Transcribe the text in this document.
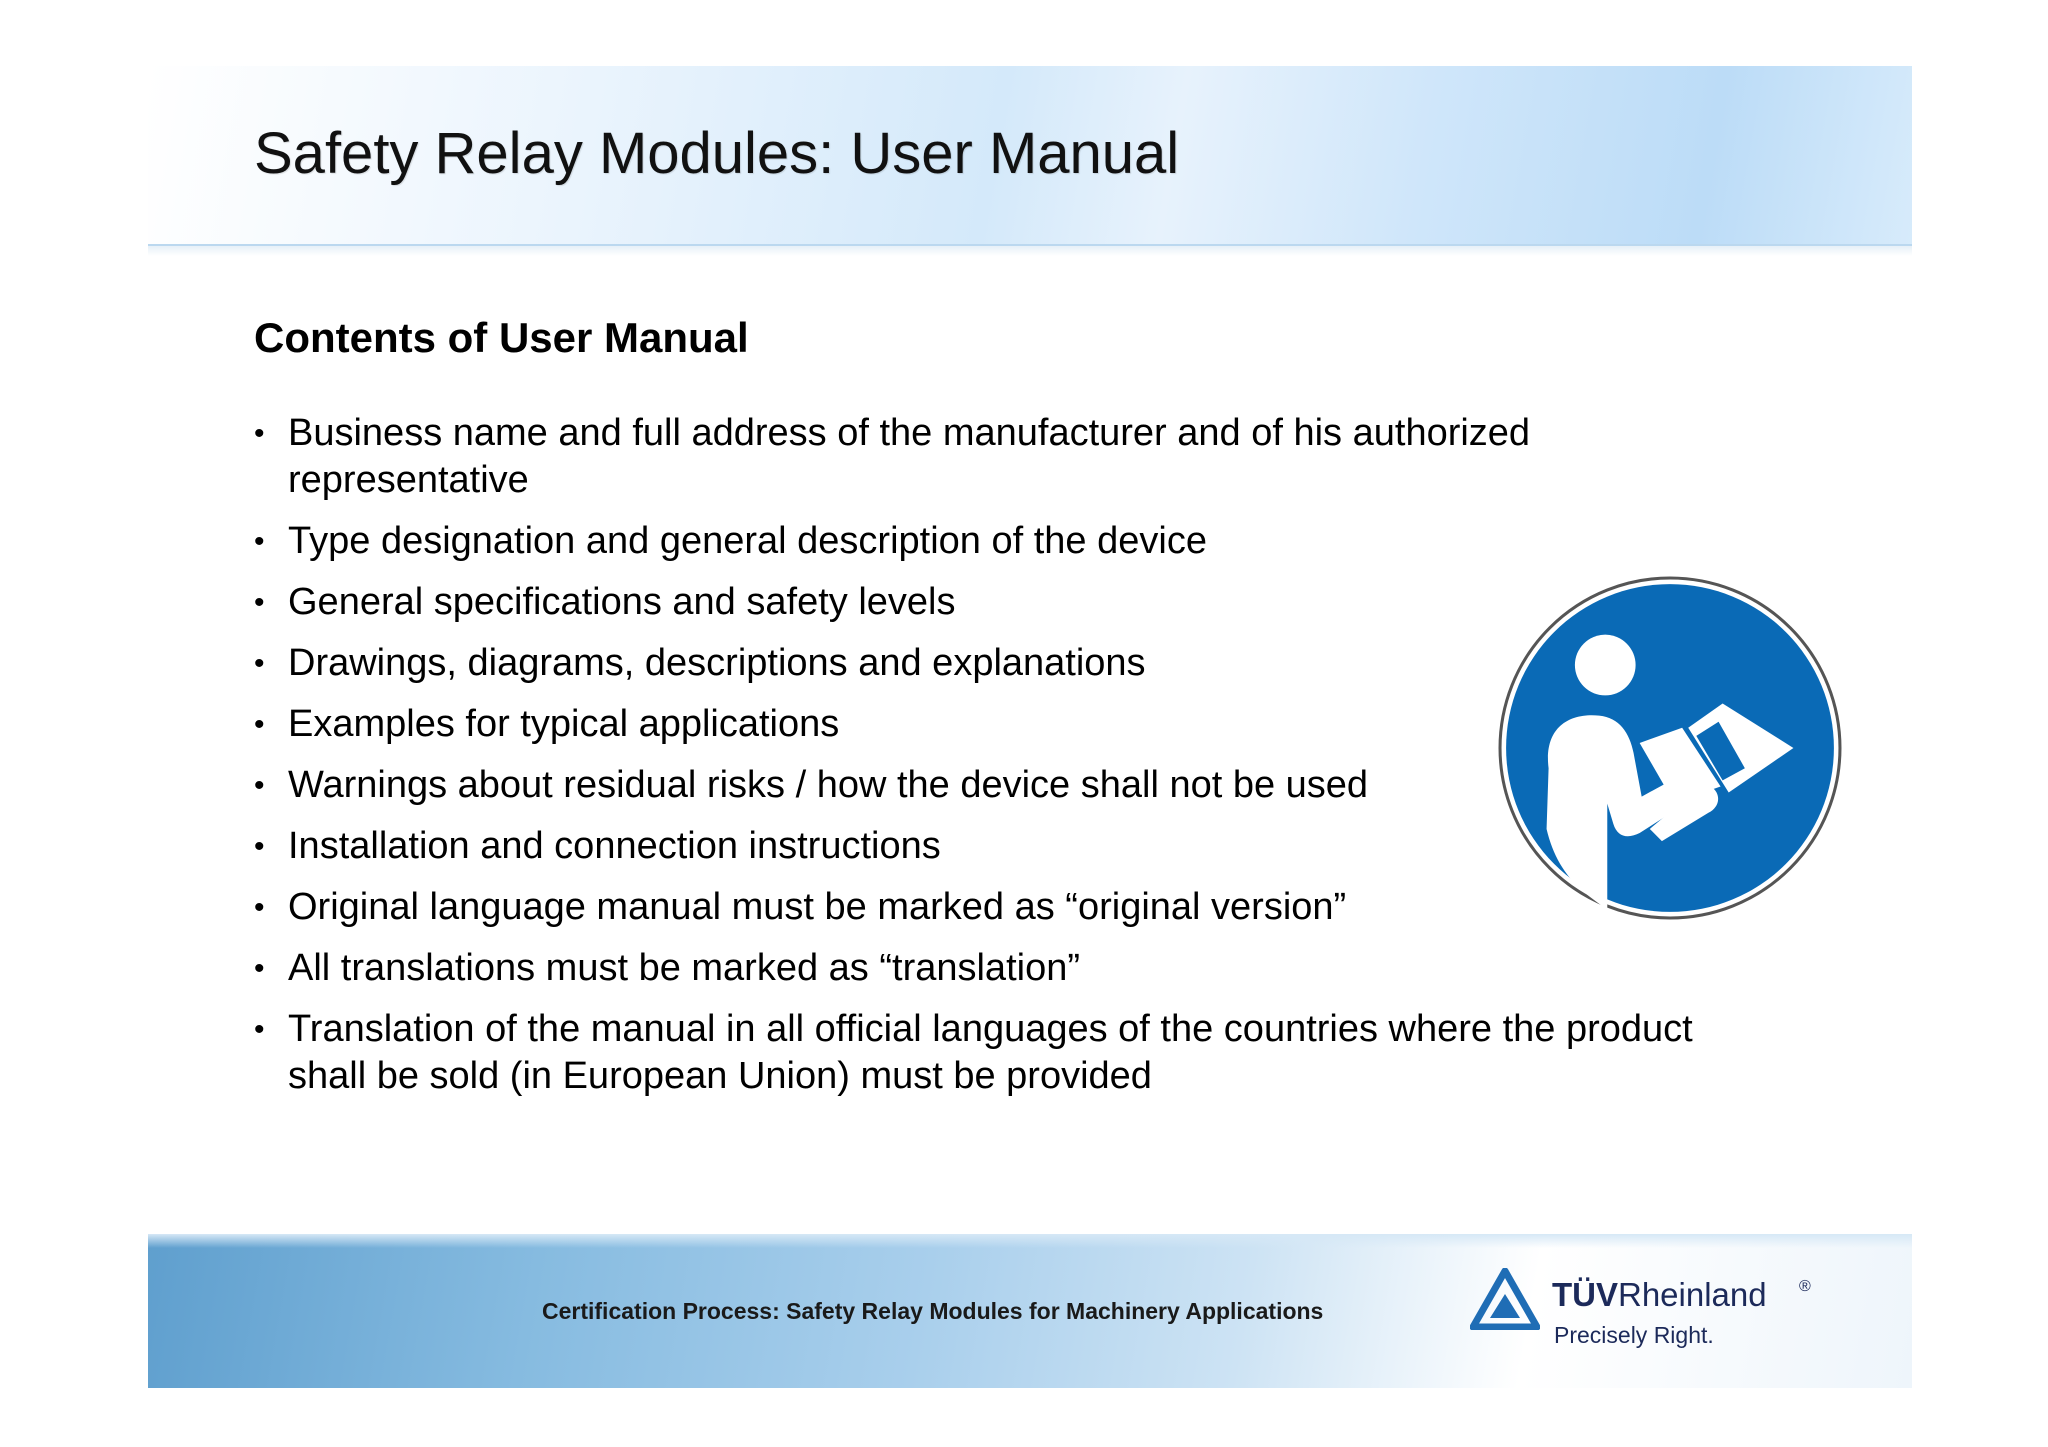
Safety Relay Modules: User Manual
Contents of User Manual
• Business name and full address of the manufacturer and of his authorized representative
• Type designation and general description of the device
• General specifications and safety levels
• Drawings, diagrams, descriptions and explanations
• Examples for typical applications
• Warnings about residual risks / how the device shall not be used
• Installation and connection instructions
• Original language manual must be marked as “original version”
• All translations must be marked as “translation”
• Translation of the manual in all official languages of the countries where the product shall be sold (in European Union) must be provided
Certification Process: Safety Relay Modules for Machinery Applications	TÜVRheinland ®
Precisely Right.
